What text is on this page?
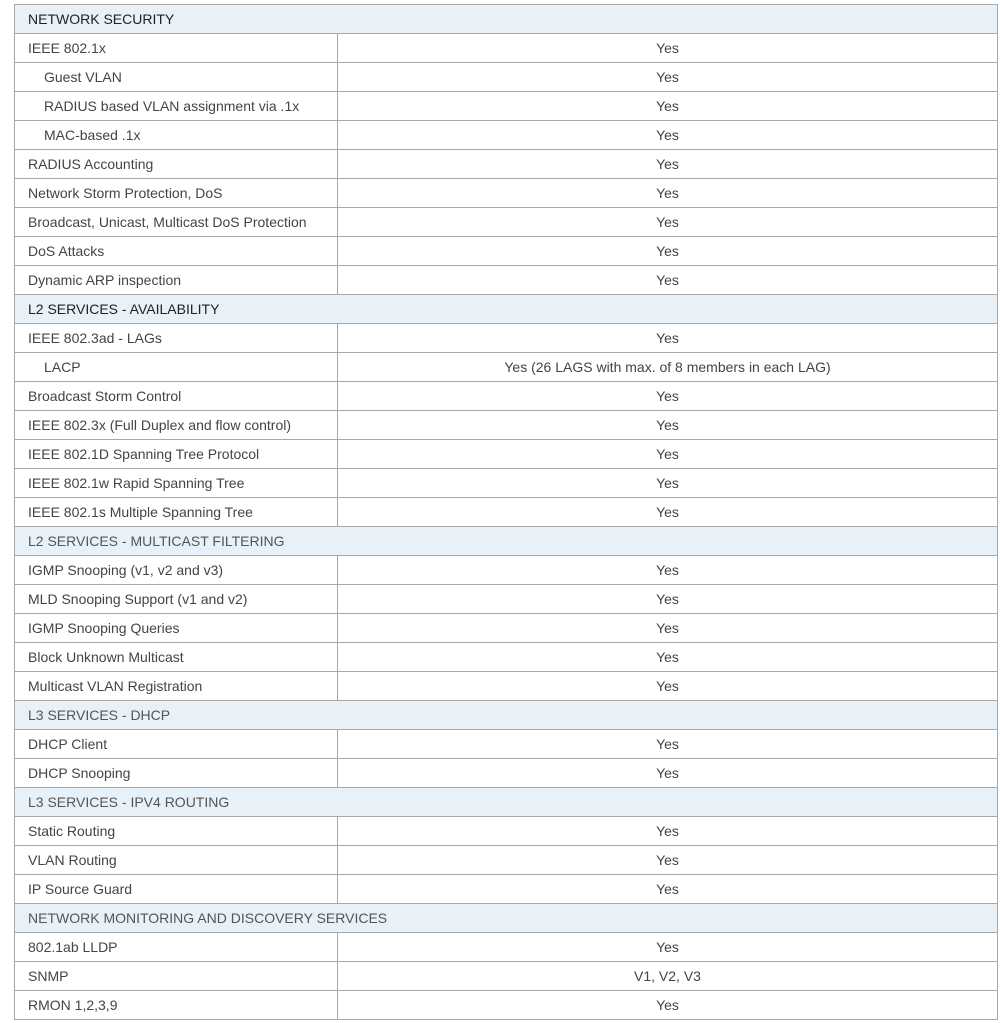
NETWORK SECURITY	
IEEE 802.1x	Yes
Guest VLAN	Yes
RADIUS based VLAN assignment via .1x	Yes
MAC-based .1x	Yes
RADIUS Accounting	Yes
Network Storm Protection, DoS	Yes
Broadcast, Unicast, Multicast DoS Protection	Yes
DoS Attacks	Yes
Dynamic ARP inspection	Yes
L2 SERVICES - AVAILABILITY	
IEEE 802.3ad - LAGs	Yes
LACP	Yes (26 LAGS with max. of 8 members in each LAG)
Broadcast Storm Control	Yes
IEEE 802.3x (Full Duplex and flow control)	Yes
IEEE 802.1D Spanning Tree Protocol	Yes
IEEE 802.1w Rapid Spanning Tree	Yes
IEEE 802.1s Multiple Spanning Tree	Yes
L2 SERVICES - MULTICAST FILTERING	
IGMP Snooping (v1, v2 and v3)	Yes
MLD Snooping Support (v1 and v2)	Yes
IGMP Snooping Queries	Yes
Block Unknown Multicast	Yes
Multicast VLAN Registration	Yes
L3 SERVICES - DHCP	
DHCP Client	Yes
DHCP Snooping	Yes
L3 SERVICES - IPV4 ROUTING	
Static Routing	Yes
VLAN Routing	Yes
IP Source Guard	Yes
NETWORK MONITORING AND DISCOVERY SERVICES	
802.1ab LLDP	Yes
SNMP	V1, V2, V3
RMON 1,2,3,9	Yes
